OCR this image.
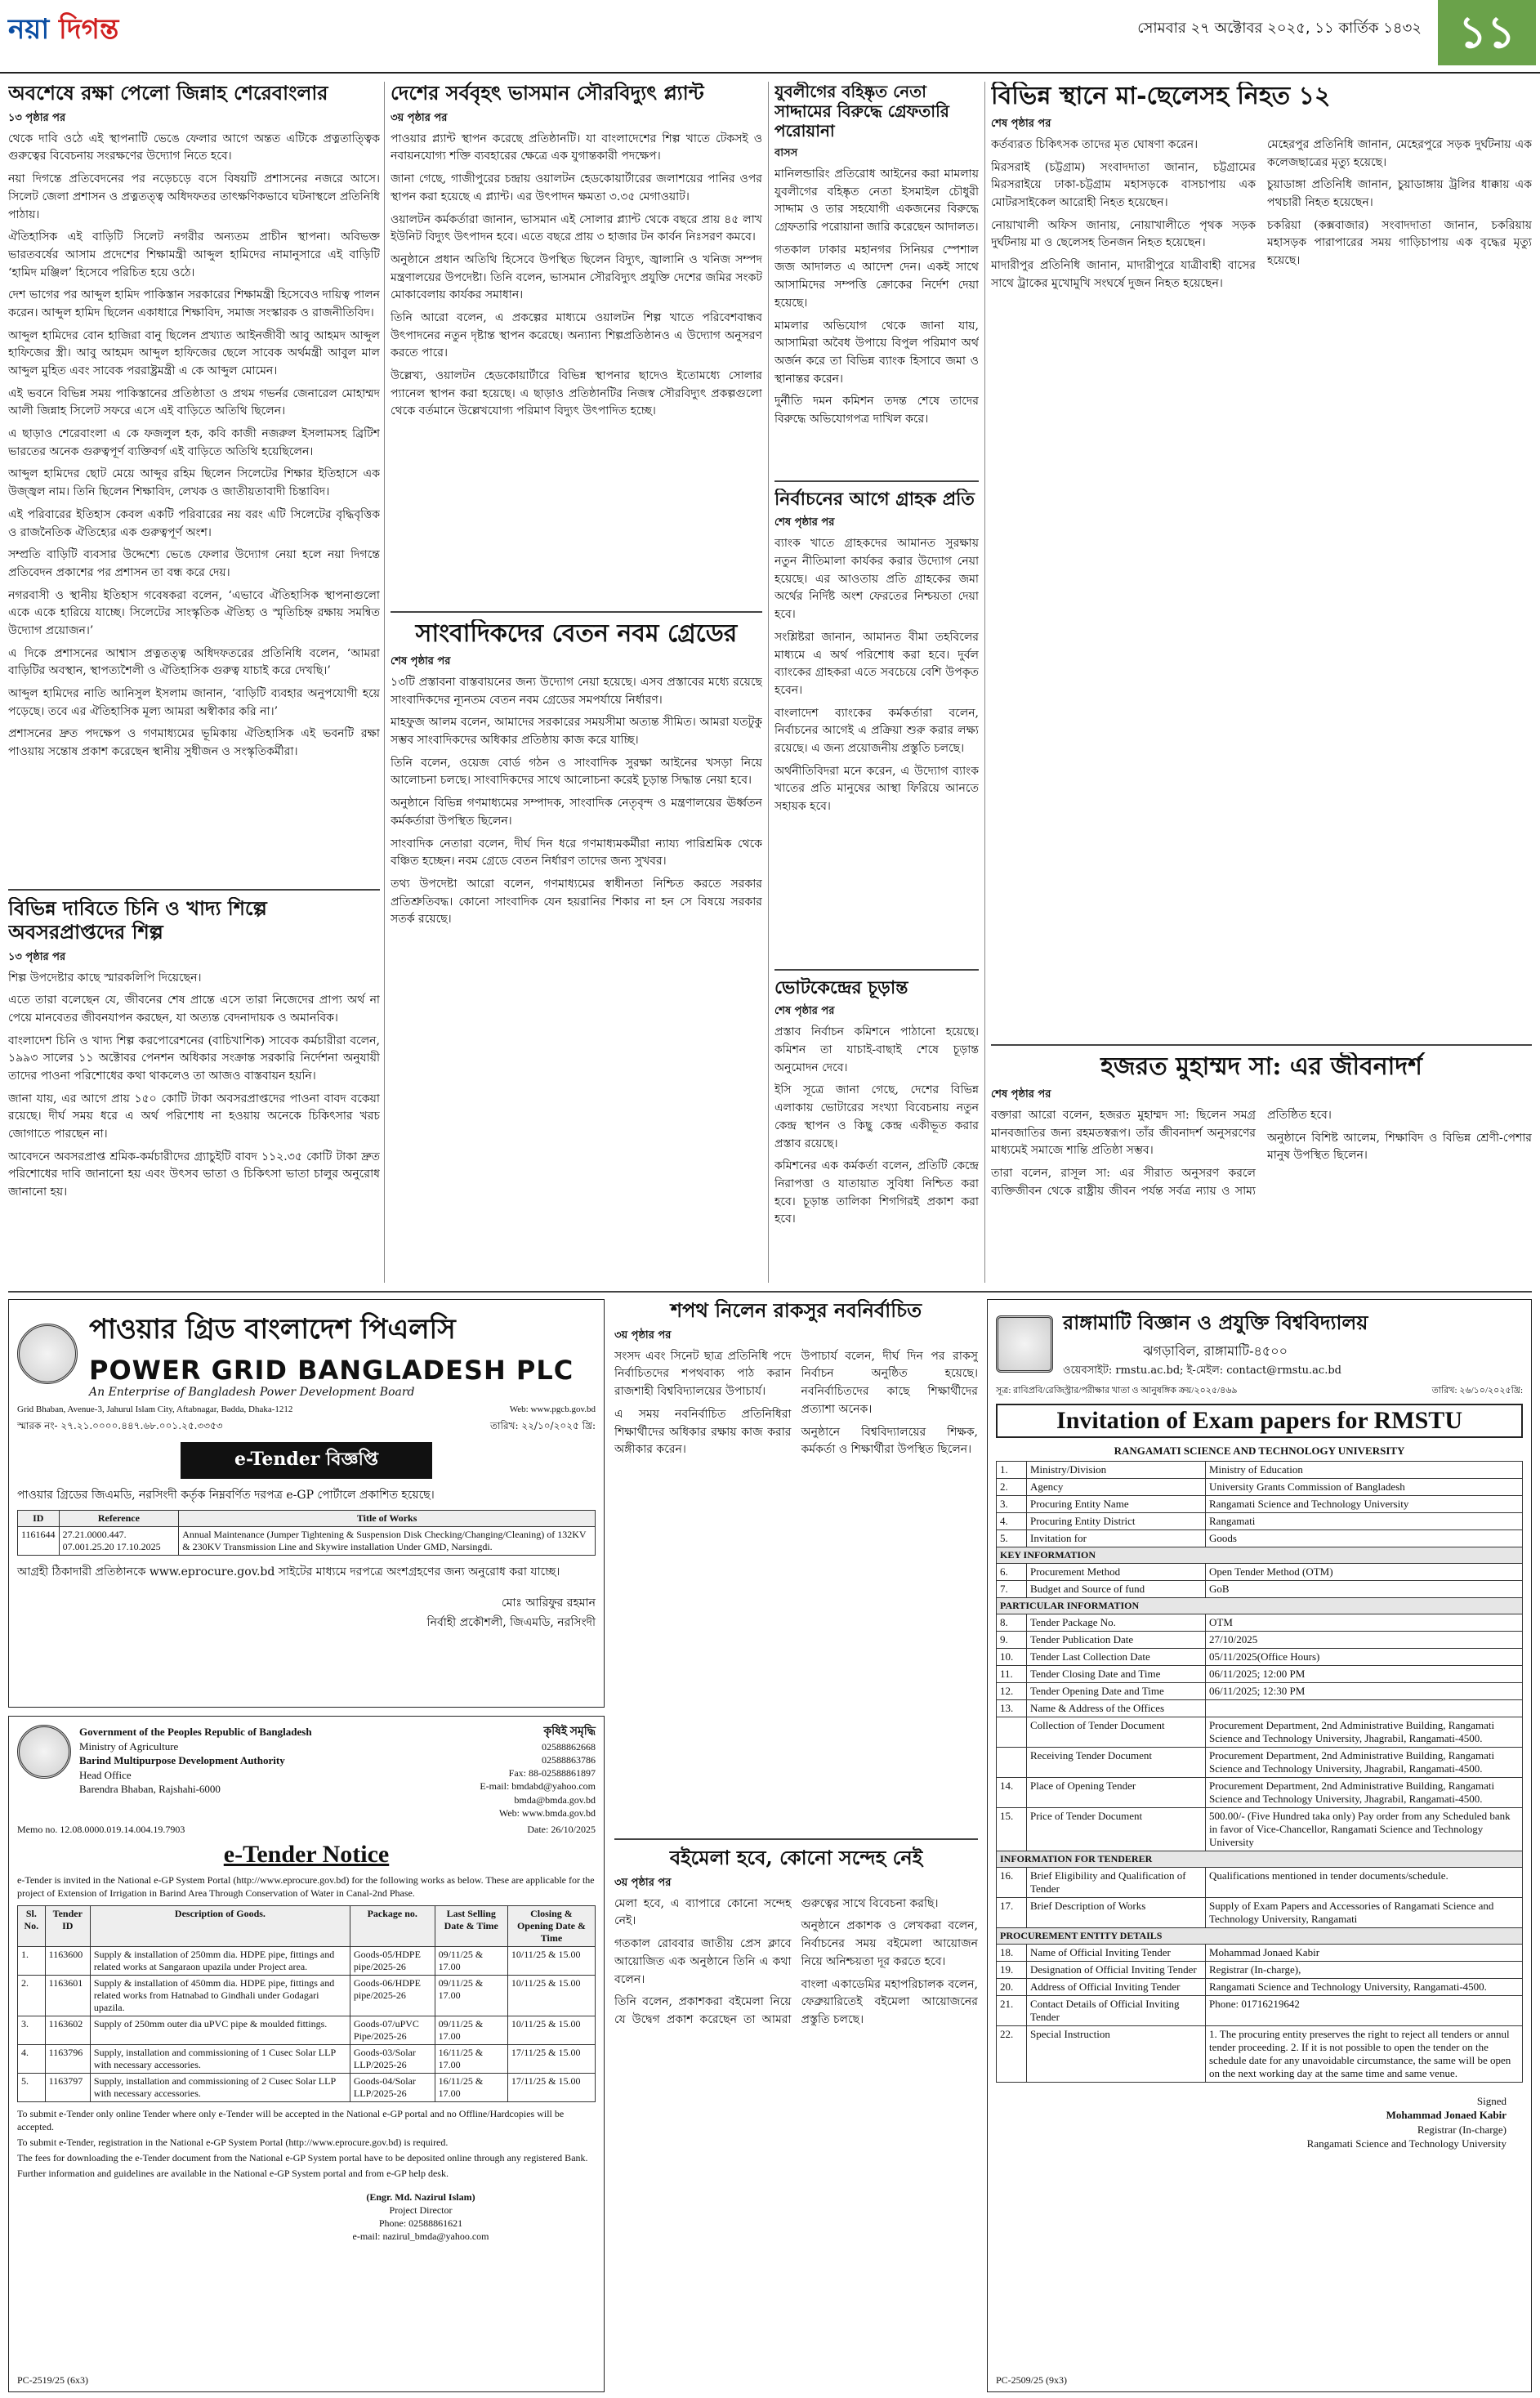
নয়া দিগন্ত	সোমবার ২৭ অক্টোবর ২০২৫, ১১ কার্তিক ১৪৩২ ১১
অবশেষে রক্ষা পেলো জিন্নাহ শেরেবাংলার
১৩ পৃষ্ঠার পর

থেকে দাবি ওঠে এই স্থাপনাটি ভেঙে ফেলার আগে অন্তত এটিকে প্রত্নতাত্ত্বিক গুরুত্বের বিবেচনায় সংরক্ষণের উদ্যোগ নিতে হবে।

নয়া দিগন্তে প্রতিবেদনের পর নড়েচড়ে বসে বিষয়টি প্রশাসনের নজরে আসে। সিলেট জেলা প্রশাসন ও প্রত্নতত্ত্ব অধিদফতর তাৎক্ষণিকভাবে ঘটনাস্থলে প্রতিনিধি পাঠায়।

ঐতিহাসিক এই বাড়িটি সিলেট নগরীর অন্যতম প্রাচীন স্থাপনা। অবিভক্ত ভারতবর্ষের আসাম প্রদেশের শিক্ষামন্ত্রী আব্দুল হামিদের নামানুসারে এই বাড়িটি ‘হামিদ মঞ্জিল’ হিসেবে পরিচিত হয়ে ওঠে।

দেশ ভাগের পর আব্দুল হামিদ পাকিস্তান সরকারের শিক্ষামন্ত্রী হিসেবেও দায়িত্ব পালন করেন। আব্দুল হামিদ ছিলেন একাধারে শিক্ষাবিদ, সমাজ সংস্কারক ও রাজনীতিবিদ।

আব্দুল হামিদের বোন হাজিরা বানু ছিলেন প্রখ্যাত আইনজীবী আবু আহমদ আব্দুল হাফিজের স্ত্রী। আবু আহমদ আব্দুল হাফিজের ছেলে সাবেক অর্থমন্ত্রী আবুল মাল আব্দুল মুহিত এবং সাবেক পররাষ্ট্রমন্ত্রী এ কে আব্দুল মোমেন।

এই ভবনে বিভিন্ন সময় পাকিস্তানের প্রতিষ্ঠাতা ও প্রথম গভর্নর জেনারেল মোহাম্মদ আলী জিন্নাহ সিলেট সফরে এসে এই বাড়িতে অতিথি ছিলেন।

এ ছাড়াও শেরেবাংলা এ কে ফজলুল হক, কবি কাজী নজরুল ইসলামসহ ব্রিটিশ ভারতের অনেক গুরুত্বপূর্ণ ব্যক্তিবর্গ এই বাড়িতে অতিথি হয়েছিলেন।

আব্দুল হামিদের ছোট মেয়ে আব্দুর রহিম ছিলেন সিলেটের শিক্ষার ইতিহাসে এক উজ্জ্বল নাম। তিনি ছিলেন শিক্ষাবিদ, লেখক ও জাতীয়তাবাদী চিন্তাবিদ।

এই পরিবারের ইতিহাস কেবল একটি পরিবারের নয় বরং এটি সিলেটের বৃদ্ধিবৃত্তিক ও রাজনৈতিক ঐতিহ্যের এক গুরুত্বপূর্ণ অংশ।

সম্প্রতি বাড়িটি ব্যবসার উদ্দেশ্যে ভেঙে ফেলার উদ্যোগ নেয়া হলে নয়া দিগন্তে প্রতিবেদন প্রকাশের পর প্রশাসন তা বন্ধ করে দেয়।

নগরবাসী ও স্থানীয় ইতিহাস গবেষকরা বলেন, ‘এভাবে ঐতিহাসিক স্থাপনাগুলো একে একে হারিয়ে যাচ্ছে। সিলেটের সাংস্কৃতিক ঐতিহ্য ও স্মৃতিচিহ্ন রক্ষায় সমন্বিত উদ্যোগ প্রয়োজন।’

এ দিকে প্রশাসনের আশ্বাস প্রত্নতত্ত্ব অধিদফতরের প্রতিনিধি বলেন, ‘আমরা বাড়িটির অবস্থান, স্থাপত্যশৈলী ও ঐতিহাসিক গুরুত্ব যাচাই করে দেখছি।’

আব্দুল হামিদের নাতি আনিসুল ইসলাম জানান, ‘বাড়িটি ব্যবহার অনুপযোগী হয়ে পড়েছে। তবে এর ঐতিহাসিক মূল্য আমরা অস্বীকার করি না।’

প্রশাসনের দ্রুত পদক্ষেপ ও গণমাধ্যমের ভূমিকায় ঐতিহাসিক এই ভবনটি রক্ষা পাওয়ায় সন্তোষ প্রকাশ করেছেন স্থানীয় সুধীজন ও সংস্কৃতিকর্মীরা।

বিভিন্ন দাবিতে চিনি ও খাদ্য শিল্পে অবসরপ্রাপ্তদের শিল্প
১৩ পৃষ্ঠার পর

শিল্প উপদেষ্টার কাছে স্মারকলিপি দিয়েছেন।

এতে তারা বলেছেন যে, জীবনের শেষ প্রান্তে এসে তারা নিজেদের প্রাপ্য অর্থ না পেয়ে মানবেতর জীবনযাপন করছেন, যা অত্যন্ত বেদনাদায়ক ও অমানবিক।

বাংলাদেশ চিনি ও খাদ্য শিল্প করপোরেশনের (বাচিখাশিক) সাবেক কর্মচারীরা বলেন, ১৯৯৩ সালের ১১ অক্টোবর পেনশন অধিকার সংক্রান্ত সরকারি নির্দেশনা অনুযায়ী তাদের পাওনা পরিশোধের কথা থাকলেও তা আজও বাস্তবায়ন হয়নি।

জানা যায়, এর আগে প্রায় ১৫০ কোটি টাকা অবসরপ্রাপ্তদের পাওনা বাবদ বকেয়া রয়েছে। দীর্ঘ সময় ধরে এ অর্থ পরিশোধ না হওয়ায় অনেকে চিকিৎসার খরচ জোগাতে পারছেন না।

আবেদনে অবসরপ্রাপ্ত শ্রমিক-কর্মচারীদের গ্র্যাচুইটি বাবদ ১১২.৩৫ কোটি টাকা দ্রুত পরিশোধের দাবি জানানো হয় এবং উৎসব ভাতা ও চিকিৎসা ভাতা চালুর অনুরোধ জানানো হয়।

দেশের সর্ববৃহৎ ভাসমান সৌরবিদ্যুৎ প্ল্যান্ট
৩য় পৃষ্ঠার পর

পাওয়ার প্ল্যান্ট স্থাপন করেছে প্রতিষ্ঠানটি। যা বাংলাদেশের শিল্প খাতে টেকসই ও নবায়নযোগ্য শক্তি ব্যবহারের ক্ষেত্রে এক যুগান্তকারী পদক্ষেপ।

জানা গেছে, গাজীপুরের চন্দ্রায় ওয়ালটন হেডকোয়ার্টারের জলাশয়ের পানির ওপর স্থাপন করা হয়েছে এ প্ল্যান্ট। এর উৎপাদন ক্ষমতা ৩.৩৫ মেগাওয়াট।

ওয়ালটন কর্মকর্তারা জানান, ভাসমান এই সোলার প্ল্যান্ট থেকে বছরে প্রায় ৪৫ লাখ ইউনিট বিদ্যুৎ উৎপাদন হবে। এতে বছরে প্রায় ৩ হাজার টন কার্বন নিঃসরণ কমবে।

অনুষ্ঠানে প্রধান অতিথি হিসেবে উপস্থিত ছিলেন বিদ্যুৎ, জ্বালানি ও খনিজ সম্পদ মন্ত্রণালয়ের উপদেষ্টা। তিনি বলেন, ভাসমান সৌরবিদ্যুৎ প্রযুক্তি দেশের জমির সংকট মোকাবেলায় কার্যকর সমাধান।

তিনি আরো বলেন, এ প্রকল্পের মাধ্যমে ওয়ালটন শিল্প খাতে পরিবেশবান্ধব উৎপাদনের নতুন দৃষ্টান্ত স্থাপন করেছে। অন্যান্য শিল্পপ্রতিষ্ঠানও এ উদ্যোগ অনুসরণ করতে পারে।

উল্লেখ্য, ওয়ালটন হেডকোয়ার্টারে বিভিন্ন স্থাপনার ছাদেও ইতোমধ্যে সোলার প্যানেল স্থাপন করা হয়েছে। এ ছাড়াও প্রতিষ্ঠানটির নিজস্ব সৌরবিদ্যুৎ প্রকল্পগুলো থেকে বর্তমানে উল্লেখযোগ্য পরিমাণ বিদ্যুৎ উৎপাদিত হচ্ছে।

সাংবাদিকদের বেতন নবম গ্রেডের
শেষ পৃষ্ঠার পর

১৩টি প্রস্তাবনা বাস্তবায়নের জন্য উদ্যোগ নেয়া হয়েছে। এসব প্রস্তাবের মধ্যে রয়েছে সাংবাদিকদের ন্যূনতম বেতন নবম গ্রেডের সমপর্যায়ে নির্ধারণ।

মাহফুজ আলম বলেন, আমাদের সরকারের সময়সীমা অত্যন্ত সীমিত। আমরা যতটুকু সম্ভব সাংবাদিকদের অধিকার প্রতিষ্ঠায় কাজ করে যাচ্ছি।

তিনি বলেন, ওয়েজ বোর্ড গঠন ও সাংবাদিক সুরক্ষা আইনের খসড়া নিয়ে আলোচনা চলছে। সাংবাদিকদের সাথে আলোচনা করেই চূড়ান্ত সিদ্ধান্ত নেয়া হবে।

অনুষ্ঠানে বিভিন্ন গণমাধ্যমের সম্পাদক, সাংবাদিক নেতৃবৃন্দ ও মন্ত্রণালয়ের ঊর্ধ্বতন কর্মকর্তারা উপস্থিত ছিলেন।

সাংবাদিক নেতারা বলেন, দীর্ঘ দিন ধরে গণমাধ্যমকর্মীরা ন্যায্য পারিশ্রমিক থেকে বঞ্চিত হচ্ছেন। নবম গ্রেডে বেতন নির্ধারণ তাদের জন্য সুখবর।

তথ্য উপদেষ্টা আরো বলেন, গণমাধ্যমের স্বাধীনতা নিশ্চিত করতে সরকার প্রতিশ্রুতিবদ্ধ। কোনো সাংবাদিক যেন হয়রানির শিকার না হন সে বিষয়ে সরকার সতর্ক রয়েছে।

যুবলীগের বহিষ্কৃত নেতা সাদ্দামের বিরুদ্ধে গ্রেফতারি পরোয়ানা
বাসস

মানিলন্ডারিং প্রতিরোধ আইনের করা মামলায় যুবলীগের বহিষ্কৃত নেতা ইসমাইল চৌধুরী সাদ্দাম ও তার সহযোগী একজনের বিরুদ্ধে গ্রেফতারি পরোয়ানা জারি করেছেন আদালত।

গতকাল ঢাকার মহানগর সিনিয়র স্পেশাল জজ আদালত এ আদেশ দেন। একই সাথে আসামিদের সম্পত্তি ক্রোকের নির্দেশ দেয়া হয়েছে।

মামলার অভিযোগ থেকে জানা যায়, আসামিরা অবৈধ উপায়ে বিপুল পরিমাণ অর্থ অর্জন করে তা বিভিন্ন ব্যাংক হিসাবে জমা ও স্থানান্তর করেন।

দুর্নীতি দমন কমিশন তদন্ত শেষে তাদের বিরুদ্ধে অভিযোগপত্র দাখিল করে।

নির্বাচনের আগে গ্রাহক প্রতি
শেষ পৃষ্ঠার পর

ব্যাংক খাতে গ্রাহকদের আমানত সুরক্ষায় নতুন নীতিমালা কার্যকর করার উদ্যোগ নেয়া হয়েছে। এর আওতায় প্রতি গ্রাহকের জমা অর্থের নির্দিষ্ট অংশ ফেরতের নিশ্চয়তা দেয়া হবে।

সংশ্লিষ্টরা জানান, আমানত বীমা তহবিলের মাধ্যমে এ অর্থ পরিশোধ করা হবে। দুর্বল ব্যাংকের গ্রাহকরা এতে সবচেয়ে বেশি উপকৃত হবেন।

বাংলাদেশ ব্যাংকের কর্মকর্তারা বলেন, নির্বাচনের আগেই এ প্রক্রিয়া শুরু করার লক্ষ্য রয়েছে। এ জন্য প্রয়োজনীয় প্রস্তুতি চলছে।

অর্থনীতিবিদরা মনে করেন, এ উদ্যোগ ব্যাংক খাতের প্রতি মানুষের আস্থা ফিরিয়ে আনতে সহায়ক হবে।

ভোটকেন্দ্রের চূড়ান্ত
শেষ পৃষ্ঠার পর

প্রস্তাব নির্বাচন কমিশনে পাঠানো হয়েছে। কমিশন তা যাচাই-বাছাই শেষে চূড়ান্ত অনুমোদন দেবে।

ইসি সূত্রে জানা গেছে, দেশের বিভিন্ন এলাকায় ভোটারের সংখ্যা বিবেচনায় নতুন কেন্দ্র স্থাপন ও কিছু কেন্দ্র একীভূত করার প্রস্তাব রয়েছে।

কমিশনের এক কর্মকর্তা বলেন, প্রতিটি কেন্দ্রে নিরাপত্তা ও যাতায়াত সুবিধা নিশ্চিত করা হবে। চূড়ান্ত তালিকা শিগগিরই প্রকাশ করা হবে।

বিভিন্ন স্থানে মা-ছেলেসহ নিহত ১২
শেষ পৃষ্ঠার পর

কর্তব্যরত চিকিৎসক তাদের মৃত ঘোষণা করেন।

মিরসরাই (চট্টগ্রাম) সংবাদদাতা জানান, চট্টগ্রামের মিরসরাইয়ে ঢাকা-চট্টগ্রাম মহাসড়কে বাসচাপায় এক মোটরসাইকেল আরোহী নিহত হয়েছেন।

নোয়াখালী অফিস জানায়, নোয়াখালীতে পৃথক সড়ক দুর্ঘটনায় মা ও ছেলেসহ তিনজন নিহত হয়েছেন।

মাদারীপুর প্রতিনিধি জানান, মাদারীপুরে যাত্রীবাহী বাসের সাথে ট্রাকের মুখোমুখি সংঘর্ষে দুজন নিহত হয়েছেন।

মেহেরপুর প্রতিনিধি জানান, মেহেরপুরে সড়ক দুর্ঘটনায় এক কলেজছাত্রের মৃত্যু হয়েছে।

চুয়াডাঙ্গা প্রতিনিধি জানান, চুয়াডাঙ্গায় ট্রলির ধাক্কায় এক পথচারী নিহত হয়েছেন।

চকরিয়া (কক্সবাজার) সংবাদদাতা জানান, চকরিয়ায় মহাসড়ক পারাপারের সময় গাড়িচাপায় এক বৃদ্ধের মৃত্যু হয়েছে।

হজরত মুহাম্মদ সা: এর জীবনাদর্শ
শেষ পৃষ্ঠার পর

বক্তারা আরো বলেন, হজরত মুহাম্মদ সা: ছিলেন সমগ্র মানবজাতির জন্য রহমতস্বরূপ। তাঁর জীবনাদর্শ অনুসরণের মাধ্যমেই সমাজে শান্তি প্রতিষ্ঠা সম্ভব।

তারা বলেন, রাসূল সা: এর সীরাত অনুসরণ করলে ব্যক্তিজীবন থেকে রাষ্ট্রীয় জীবন পর্যন্ত সর্বত্র ন্যায় ও সাম্য প্রতিষ্ঠিত হবে।

অনুষ্ঠানে বিশিষ্ট আলেম, শিক্ষাবিদ ও বিভিন্ন শ্রেণী-পেশার মানুষ উপস্থিত ছিলেন।

পাওয়ার গ্রিড বাংলাদেশ পিএলসি
POWER GRID BANGLADESH PLC
An Enterprise of Bangladesh Power Development Board
Grid Bhaban, Avenue-3, Jahurul Islam City, Aftabnagar, Badda, Dhaka-1212	Web: www.pgcb.gov.bd
স্মারক নং- ২৭.২১.০০০০.৪৪৭.৬৮.০০১.২৫.৩৩৫৩	তারিখ: ২২/১০/২০২৫ খ্রি:
e-Tender বিজ্ঞপ্তি
পাওয়ার গ্রিডের জিএমডি, নরসিংদী কর্তৃক নিম্নবর্ণিত দরপত্র e-GP পোর্টালে প্রকাশিত হয়েছে।
ID	Reference	Title of Works
1161644	27.21.0000.447. 07.001.25.20 17.10.2025	Annual Maintenance (Jumper Tightening & Suspension Disk Checking/Changing/Cleaning) of 132KV & 230KV Transmission Line and Skywire installation Under GMD, Narsingdi.
আগ্রহী ঠিকাদারী প্রতিষ্ঠানকে www.eprocure.gov.bd সাইটের মাধ্যমে দরপত্রে অংশগ্রহণের জন্য অনুরোধ করা যাচ্ছে।
মোঃ আরিফুর রহমান
নির্বাহী প্রকৌশলী, জিএমডি, নরসিংদী
Government of the Peoples Republic of Bangladesh
Ministry of Agriculture
Barind Multipurpose Development Authority
Head Office
Barendra Bhaban, Rajshahi-6000
কৃষিই সমৃদ্ধি
02588862668
02588863786
Fax: 88-02588861897
E-mail: bmdabd@yahoo.com
bmda@bmda.gov.bd
Web: www.bmda.gov.bd
Memo no. 12.08.0000.019.14.004.19.7903	Date: 26/10/2025
e-Tender Notice
e-Tender is invited in the National e-GP System Portal (http://www.eprocure.gov.bd) for the following works as below. These are applicable for the project of Extension of Irrigation in Barind Area Through Conservation of Water in Canal-2nd Phase.
Sl. No.	Tender ID	Description of Goods.	Package no.	Last Selling Date & Time	Closing & Opening Date & Time
1.	1163600	Supply & installation of 250mm dia. HDPE pipe, fittings and related works at Sangaraon upazila under Project area.	Goods-05/HDPE pipe/2025-26	09/11/25 & 17.00	10/11/25 & 15.00
2.	1163601	Supply & installation of 450mm dia. HDPE pipe, fittings and related works from Hatnabad to Gindhali under Godagari upazila.	Goods-06/HDPE pipe/2025-26	09/11/25 & 17.00	10/11/25 & 15.00
3.	1163602	Supply of 250mm outer dia uPVC pipe & moulded fittings.	Goods-07/uPVC Pipe/2025-26	09/11/25 & 17.00	10/11/25 & 15.00
4.	1163796	Supply, installation and commissioning of 1 Cusec Solar LLP with necessary accessories.	Goods-03/Solar LLP/2025-26	16/11/25 & 17.00	17/11/25 & 15.00
5.	1163797	Supply, installation and commissioning of 2 Cusec Solar LLP with necessary accessories.	Goods-04/Solar LLP/2025-26	16/11/25 & 17.00	17/11/25 & 15.00
To submit e-Tender only online Tender where only e-Tender will be accepted in the National e-GP portal and no Offline/Hardcopies will be accepted.
To submit e-Tender, registration in the National e-GP System Portal (http://www.eprocure.gov.bd) is required.
The fees for downloading the e-Tender document from the National e-GP System portal have to be deposited online through any registered Bank.
Further information and guidelines are available in the National e-GP System portal and from e-GP help desk.
(Engr. Md. Nazirul Islam)
Project Director
Phone: 02588861621
e-mail: nazirul_bmda@yahoo.com
PC-2519/25 (6x3)
শপথ নিলেন রাকসুর নবনির্বাচিত
৩য় পৃষ্ঠার পর

সংসদ এবং সিনেট ছাত্র প্রতিনিধি পদে নির্বাচিতদের শপথবাক্য পাঠ করান রাজশাহী বিশ্ববিদ্যালয়ের উপাচার্য।

এ সময় নবনির্বাচিত প্রতিনিধিরা শিক্ষার্থীদের অধিকার রক্ষায় কাজ করার অঙ্গীকার করেন।

উপাচার্য বলেন, দীর্ঘ দিন পর রাকসু নির্বাচন অনুষ্ঠিত হয়েছে। নবনির্বাচিতদের কাছে শিক্ষার্থীদের প্রত্যাশা অনেক।

অনুষ্ঠানে বিশ্ববিদ্যালয়ের শিক্ষক, কর্মকর্তা ও শিক্ষার্থীরা উপস্থিত ছিলেন।

বইমেলা হবে, কোনো সন্দেহ নেই
৩য় পৃষ্ঠার পর

মেলা হবে, এ ব্যাপারে কোনো সন্দেহ নেই।

গতকাল রোববার জাতীয় প্রেস ক্লাবে আয়োজিত এক অনুষ্ঠানে তিনি এ কথা বলেন।

তিনি বলেন, প্রকাশকরা বইমেলা নিয়ে যে উদ্বেগ প্রকাশ করেছেন তা আমরা গুরুত্বের সাথে বিবেচনা করছি।

অনুষ্ঠানে প্রকাশক ও লেখকরা বলেন, নির্বাচনের সময় বইমেলা আয়োজন নিয়ে অনিশ্চয়তা দূর করতে হবে।

বাংলা একাডেমির মহাপরিচালক বলেন, ফেব্রুয়ারিতেই বইমেলা আয়োজনের প্রস্তুতি চলছে।

রাঙ্গামাটি বিজ্ঞান ও প্রযুক্তি বিশ্ববিদ্যালয়
ঝগড়াবিল, রাঙ্গামাটি-৪৫০০
ওয়েবসাইট: rmstu.ac.bd; ই-মেইল: contact@rmstu.ac.bd
সূত্র: রাবিপ্রবি/রেজিস্ট্রার/পরীক্ষার খাতা ও আনুষঙ্গিক ক্রয়/২০২৫/৪৬৯	তারিখ: ২৬/১০/২০২৫খ্রি:
Invitation of Exam papers for RMSTU
RANGAMATI SCIENCE AND TECHNOLOGY UNIVERSITY
1.	Ministry/Division	Ministry of Education
2.	Agency	University Grants Commission of Bangladesh
3.	Procuring Entity Name	Rangamati Science and Technology University
4.	Procuring Entity District	Rangamati
5.	Invitation for	Goods
KEY INFORMATION		
6.	Procurement Method	Open Tender Method (OTM)
7.	Budget and Source of fund	GoB
PARTICULAR INFORMATION		
8.	Tender Package No.	OTM
9.	Tender Publication Date	27/10/2025
10.	Tender Last Collection Date	05/11/2025(Office Hours)
11.	Tender Closing Date and Time	06/11/2025; 12:00 PM
12.	Tender Opening Date and Time	06/11/2025; 12:30 PM
13.	Name & Address of the Offices	
	Collection of Tender Document	Procurement Department, 2nd Administrative Building, Rangamati Science and Technology University, Jhagrabil, Rangamati-4500.
	Receiving Tender Document	Procurement Department, 2nd Administrative Building, Rangamati Science and Technology University, Jhagrabil, Rangamati-4500.
14.	Place of Opening Tender	Procurement Department, 2nd Administrative Building, Rangamati Science and Technology University, Jhagrabil, Rangamati-4500.
15.	Price of Tender Document	500.00/- (Five Hundred taka only) Pay order from any Scheduled bank in favor of Vice-Chancellor, Rangamati Science and Technology University
INFORMATION FOR TENDERER		
16.	Brief Eligibility and Qualification of Tender	Qualifications mentioned in tender documents/schedule.
17.	Brief Description of Works	Supply of Exam Papers and Accessories of Rangamati Science and Technology University, Rangamati
PROCUREMENT ENTITY DETAILS		
18.	Name of Official Inviting Tender	Mohammad Jonaed Kabir
19.	Designation of Official Inviting Tender	Registrar (In-charge),
20.	Address of Official Inviting Tender	Rangamati Science and Technology University, Rangamati-4500.
21.	Contact Details of Official Inviting Tender	Phone: 01716219642
22.	Special Instruction	1. The procuring entity preserves the right to reject all tenders or annul tender proceeding. 2. If it is not possible to open the tender on the schedule date for any unavoidable circumstance, the same will be open on the next working day at the same time and same venue.
Signed
Mohammad Jonaed Kabir
Registrar (In-charge)
Rangamati Science and Technology University
PC-2509/25 (9x3)
